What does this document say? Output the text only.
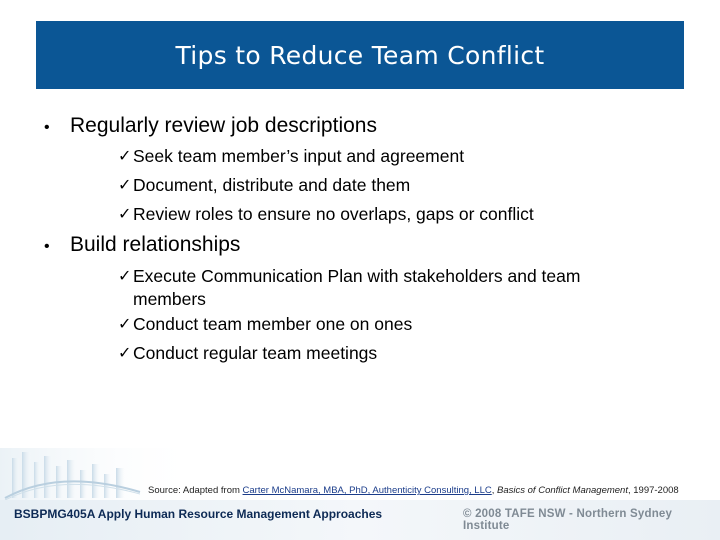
Tips to Reduce Team Conflict
• Regularly review job descriptions
✓ Seek team member’s input and agreement
✓ Document, distribute and date them
✓ Review roles to ensure no overlaps, gaps or conflict
• Build relationships
✓ Execute Communication Plan with stakeholders and team
members
✓ Conduct team member one on ones
✓ Conduct regular team meetings
Source: Adapted from Carter McNamara, MBA, PhD, Authenticity Consulting, LLC, Basics of Conflict Management, 1997-2008
BSBPMG405A Apply Human Resource Management Approaches	© 2008 TAFE NSW - Northern Sydney Institute
